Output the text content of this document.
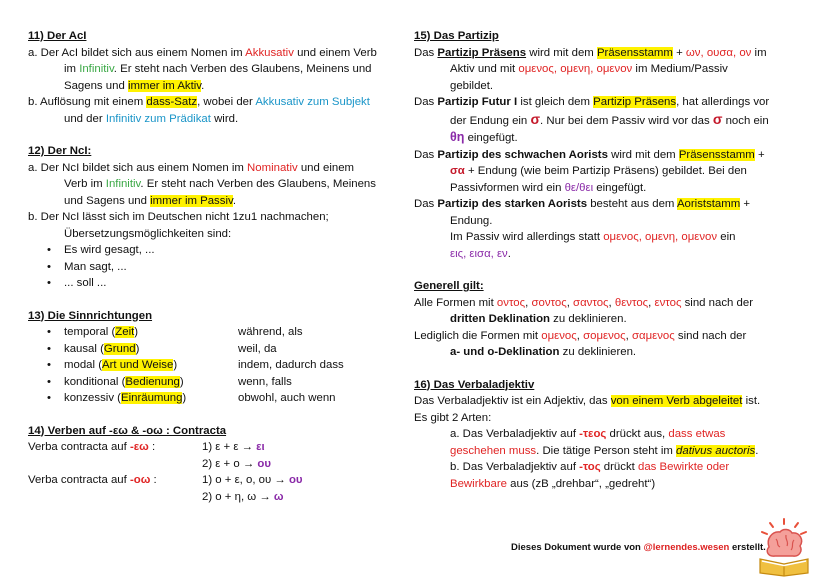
11) Der AcI
a. Der AcI bildet sich aus einem Nomen im Akkusativ und einem Verb
im Infinitiv. Er steht nach Verben des Glaubens, Meinens und
Sagens und immer im Aktiv.
b. Auflösung mit einem dass-Satz, wobei der Akkusativ zum Subjekt
und der Infinitiv zum Prädikat wird.
12) Der NcI:
a. Der NcI bildet sich aus einem Nomen im Nominativ und einem
Verb im Infinitiv. Er steht nach Verben des Glaubens, Meinens
und Sagens und immer im Passiv.
b. Der NcI lässt sich im Deutschen nicht 1zu1 nachmachen;
Übersetzungsmöglichkeiten sind:
• Es wird gesagt, ...
• Man sagt, ...
• ... soll ...
13) Die Sinnrichtungen
• temporal (Zeit)	während, als
• kausal (Grund)	weil, da
• modal (Art und Weise)	indem, dadurch dass
• konditional (Bedienung)	wenn, falls
• konzessiv (Einräumung)	obwohl, auch wenn
14) Verben auf -εω & -οω : Contracta
Verba contracta auf -εω :	1) ε + ε → ει
2) ε + ο → ου
Verba contracta auf -οω :	1) ο + ε, ο, ου → ου
2) ο + η, ω → ω
15) Das Partizip
Das Partizip Präsens wird mit dem Präsensstamm + ων, ουσα, ον im
Aktiv und mit ομενος, ομενη, ομενον im Medium/Passiv
gebildet.
Das Partizip Futur I ist gleich dem Partizip Präsens, hat allerdings vor
der Endung ein σ. Nur bei dem Passiv wird vor das σ noch ein
θη eingefügt.
Das Partizip des schwachen Aorists wird mit dem Präsensstamm +
σα + Endung (wie beim Partizip Präsens) gebildet. Bei den
Passivformen wird ein θε/θει eingefügt.
Das Partizip des starken Aorists besteht aus dem Aoriststamm +
Endung.
Im Passiv wird allerdings statt ομενος, ομενη, ομενον ein
εις, εισα, εν.
Generell gilt:
Alle Formen mit οντος, σοντος, σαντος, θεντος, εντος sind nach der
dritten Deklination zu deklinieren.
Lediglich die Formen mit ομενος, σομενος, σαμενος sind nach der
a- und o-Deklination zu deklinieren.
16) Das Verbaladjektiv
Das Verbaladjektiv ist ein Adjektiv, das von einem Verb abgeleitet ist.
Es gibt 2 Arten:
a. Das Verbaladjektiv auf -τεος drückt aus, dass etwas
geschehen muss. Die tätige Person steht im dativus auctoris.
b. Das Verbaladjektiv auf -τος drückt das Bewirkte oder
Bewirkbare aus (zB „drehbar“, „gedreht“)
Dieses Dokument wurde von @lernendes.wesen erstellt.
